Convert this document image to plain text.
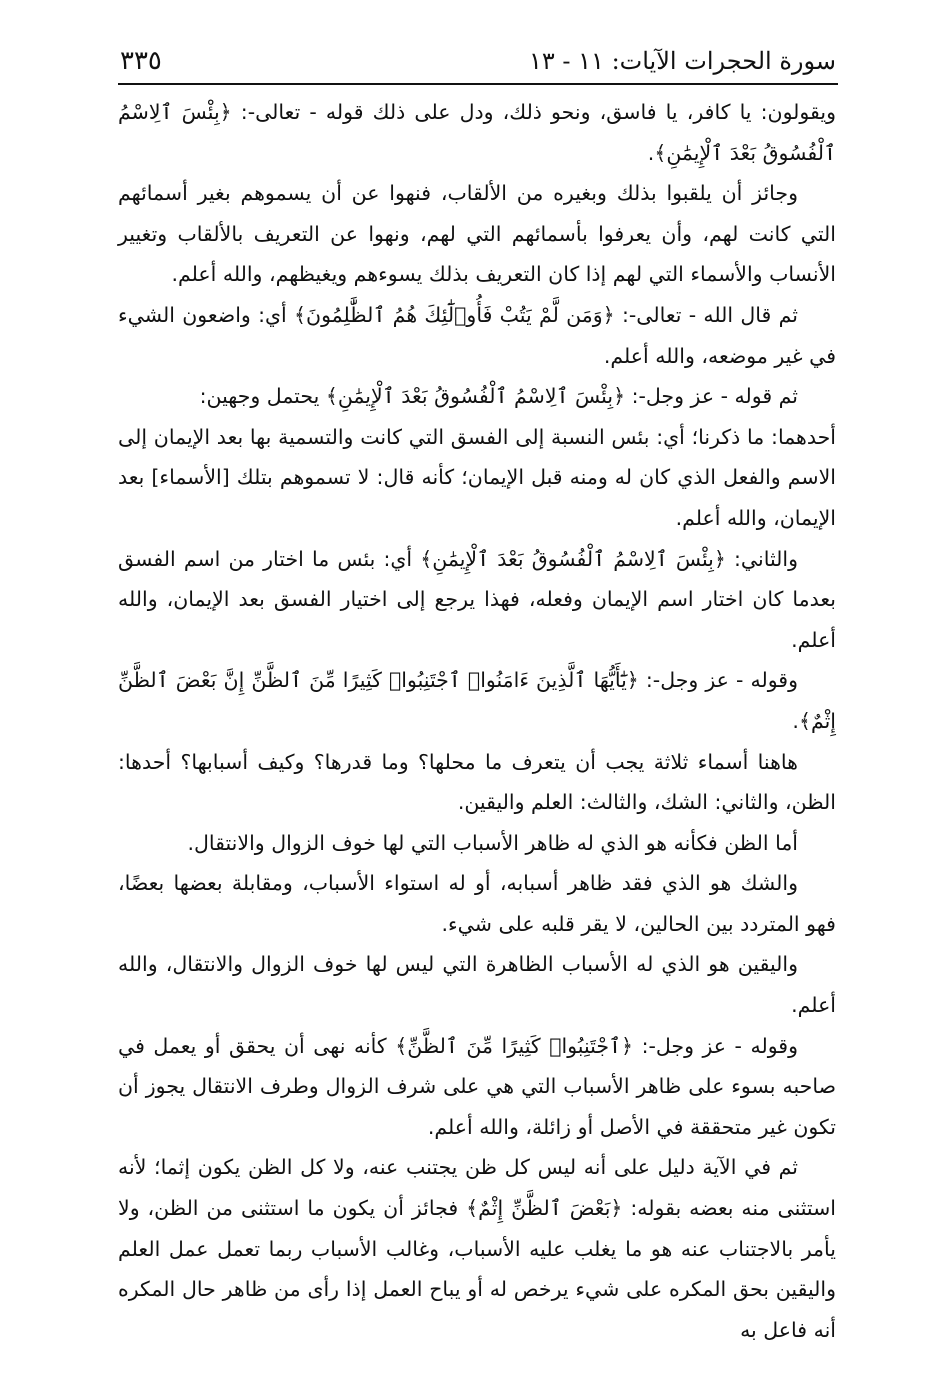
سورة الحجرات الآيات: ١١ - ١٣
٣٣٥

ويقولون: يا كافر، يا فاسق، ونحو ذلك، ودل على ذلك قوله - تعالى-: ﴿بِئْسَ ٱلِاسْمُ ٱلْفُسُوقُ بَعْدَ ٱلْإِيمَٰنِ﴾.

وجائز أن يلقبوا بذلك وبغيره من الألقاب، فنهوا عن أن يسموهم بغير أسمائهم التي كانت لهم، وأن يعرفوا بأسمائهم التي لهم، ونهوا عن التعريف بالألقاب وتغيير الأنساب والأسماء التي لهم إذا كان التعريف بذلك يسوءهم ويغيظهم، والله أعلم.

ثم قال الله - تعالى-: ﴿وَمَن لَّمْ يَتُبْ فَأُو۟لَٰٓئِكَ هُمُ ٱلظَّٰلِمُونَ﴾ أي: واضعون الشيء في غير موضعه، والله أعلم.

ثم قوله - عز وجل-: ﴿بِئْسَ ٱلِاسْمُ ٱلْفُسُوقُ بَعْدَ ٱلْإِيمَٰنِ﴾ يحتمل وجهين:

أحدهما: ما ذكرنا؛ أي: بئس النسبة إلى الفسق التي كانت والتسمية بها بعد الإيمان إلى الاسم والفعل الذي كان له ومنه قبل الإيمان؛ كأنه قال: لا تسموهم بتلك [الأسماء] بعد الإيمان، والله أعلم.

والثاني: ﴿بِئْسَ ٱلِاسْمُ ٱلْفُسُوقُ بَعْدَ ٱلْإِيمَٰنِ﴾ أي: بئس ما اختار من اسم الفسق بعدما كان اختار اسم الإيمان وفعله، فهذا يرجع إلى اختيار الفسق بعد الإيمان، والله أعلم.

وقوله - عز وجل-: ﴿يَٰٓأَيُّهَا ٱلَّذِينَ ءَامَنُوا۟ ٱجْتَنِبُوا۟ كَثِيرًا مِّنَ ٱلظَّنِّ إِنَّ بَعْضَ ٱلظَّنِّ إِثْمٌ﴾.

هاهنا أسماء ثلاثة يجب أن يتعرف ما محلها؟ وما قدرها؟ وكيف أسبابها؟ أحدها: الظن، والثاني: الشك، والثالث: العلم واليقين.

أما الظن فكأنه هو الذي له ظاهر الأسباب التي لها خوف الزوال والانتقال.

والشك هو الذي فقد ظاهر أسبابه، أو له استواء الأسباب، ومقابلة بعضها بعضًا، فهو المتردد بين الحالين، لا يقر قلبه على شيء.

واليقين هو الذي له الأسباب الظاهرة التي ليس لها خوف الزوال والانتقال، والله أعلم.

وقوله - عز وجل-: ﴿ٱجْتَنِبُوا۟ كَثِيرًا مِّنَ ٱلظَّنِّ﴾ كأنه نهى أن يحقق أو يعمل في صاحبه بسوء على ظاهر الأسباب التي هي على شرف الزوال وطرف الانتقال يجوز أن تكون غير متحققة في الأصل أو زائلة، والله أعلم.

ثم في الآية دليل على أنه ليس كل ظن يجتنب عنه، ولا كل الظن يكون إثما؛ لأنه استثنى منه بعضه بقوله: ﴿بَعْضَ ٱلظَّنِّ إِثْمٌ﴾ فجائز أن يكون ما استثنى من الظن، ولا يأمر بالاجتناب عنه هو ما يغلب عليه الأسباب، وغالب الأسباب ربما تعمل عمل العلم واليقين بحق المكره على شيء يرخص له أو يباح العمل إذا رأى من ظاهر حال المكره أنه فاعل به
